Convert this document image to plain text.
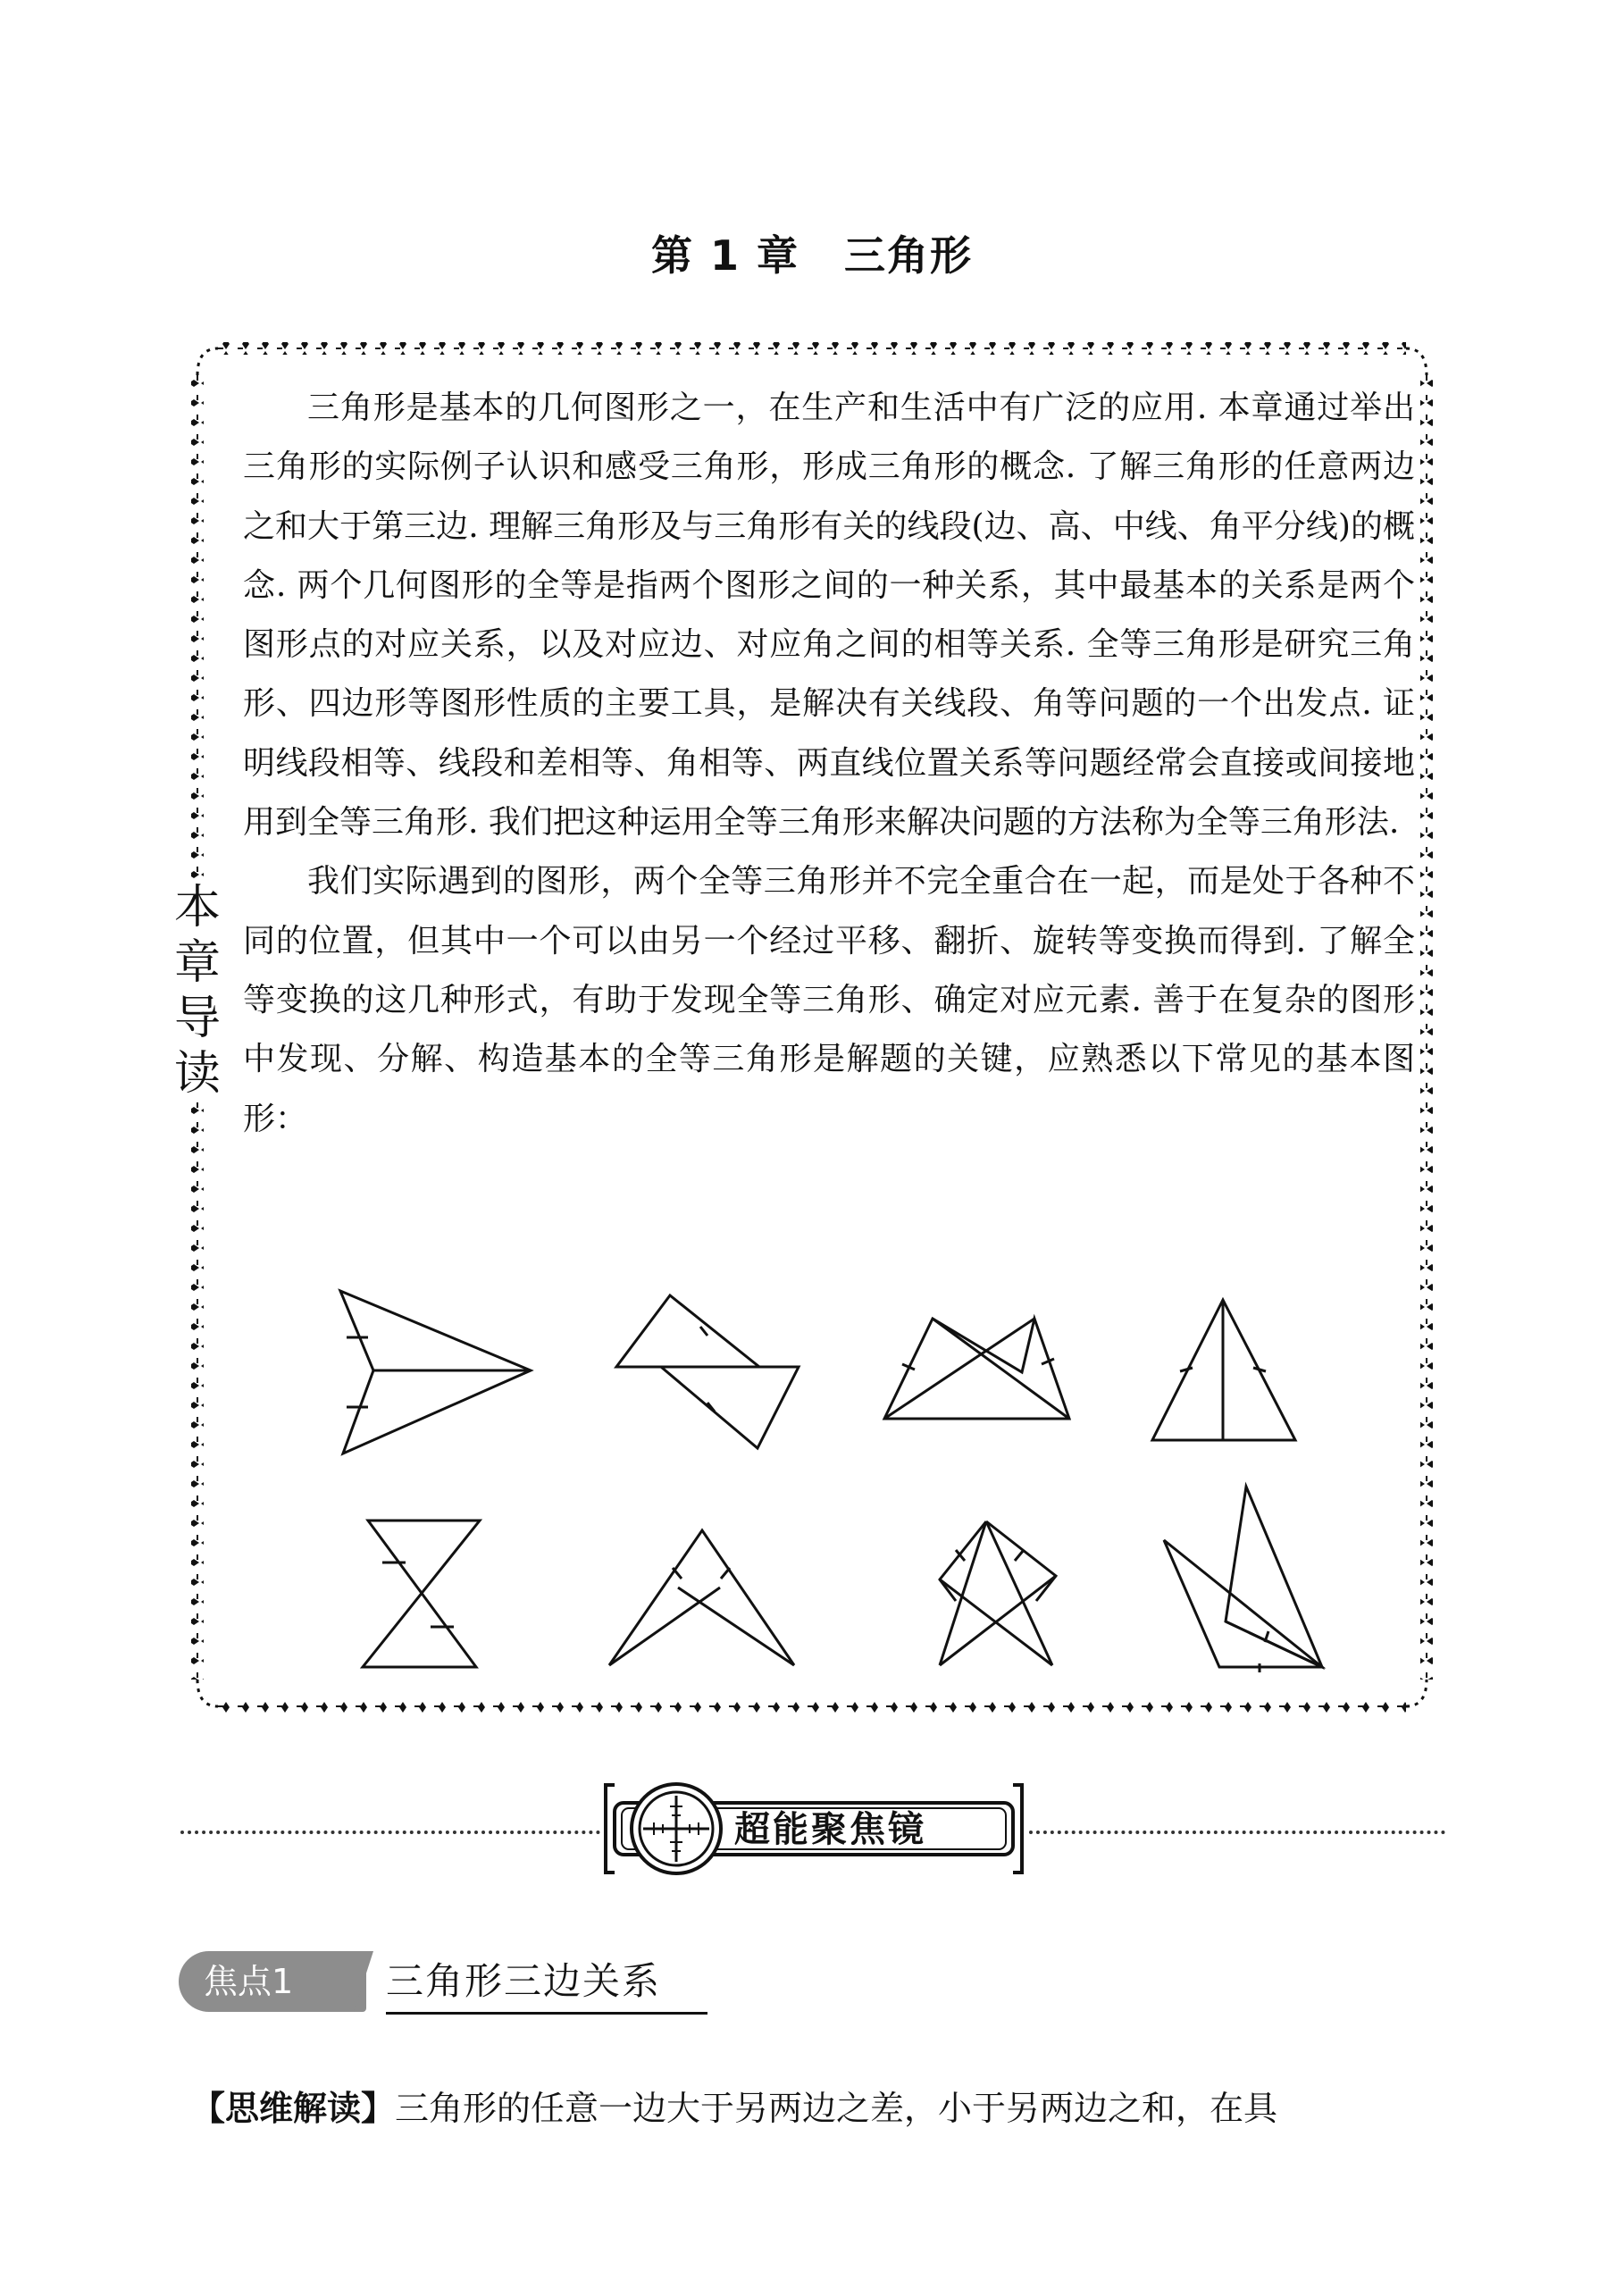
第 1 章 三角形
本
章
导
读

三角形是基本的几何图形之一，在生产和生活中有广泛的应用. 本章通过举出三角形的实际例子认识和感受三角形，形成三角形的概念. 了解三角形的任意两边之和大于第三边. 理解三角形及与三角形有关的线段(边、高、中线、角平分线)的概念. 两个几何图形的全等是指两个图形之间的一种关系，其中最基本的关系是两个图形点的对应关系，以及对应边、对应角之间的相等关系. 全等三角形是研究三角形、四边形等图形性质的主要工具，是解决有关线段、角等问题的一个出发点. 证明线段相等、线段和差相等、角相等、两直线位置关系等问题经常会直接或间接地用到全等三角形. 我们把这种运用全等三角形来解决问题的方法称为全等三角形法.

我们实际遇到的图形，两个全等三角形并不完全重合在一起，而是处于各种不同的位置，但其中一个可以由另一个经过平移、翻折、旋转等变换而得到. 了解全等变换的这几种形式，有助于发现全等三角形、确定对应元素. 善于在复杂的图形中发现、分解、构造基本的全等三角形是解题的关键，应熟悉以下常见的基本图形：

超能聚焦镜
焦点1	三角形三边关系
【思维解读】三角形的任意一边大于另两边之差，小于另两边之和，在具
